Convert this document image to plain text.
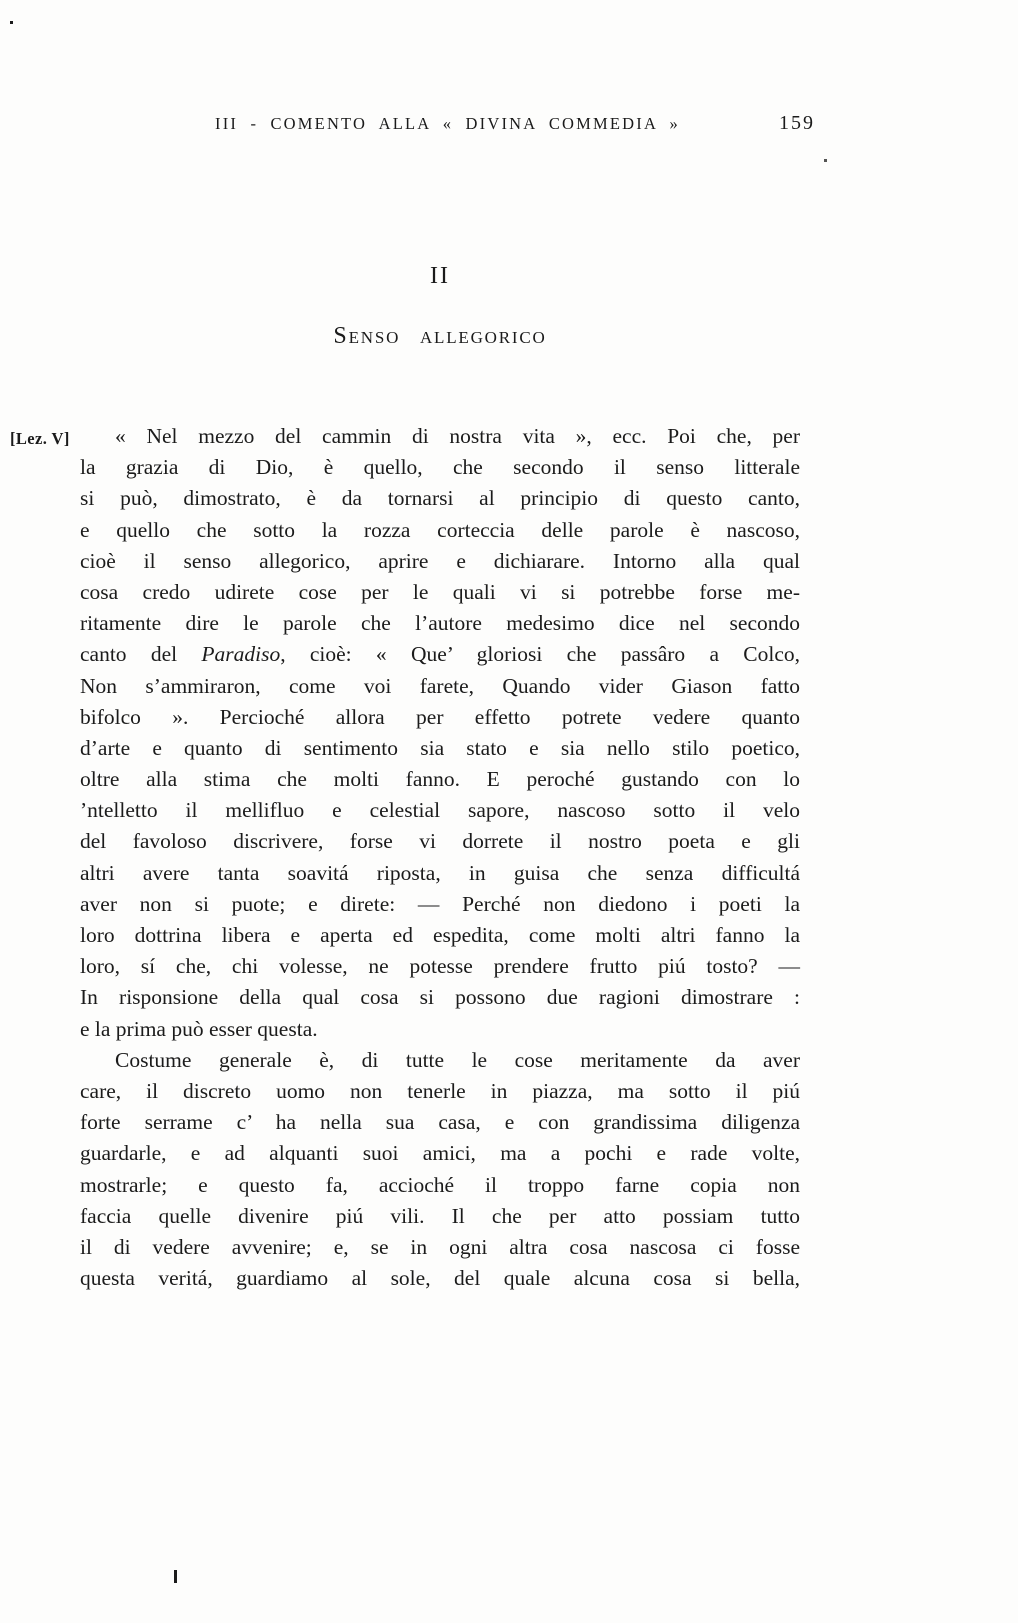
III - COMENTO ALLA « DIVINA COMMEDIA »	159
II
Senso allegorico
[Lez. V]	« Nel mezzo del cammin di nostra vita », ecc. Poi che, per
la grazia di Dio, è quello, che secondo il senso litterale
si può, dimostrato, è da tornarsi al principio di questo canto,
e quello che sotto la rozza corteccia delle parole è nascoso,
cioè il senso allegorico, aprire e dichiarare. Intorno alla qual
cosa credo udirete cose per le quali vi si potrebbe forse me-
ritamente dire le parole che l’autore medesimo dice nel secondo
canto del Paradiso, cioè: « Que’ gloriosi che passâro a Colco,
Non s’ammiraron, come voi farete, Quando vider Giason fatto
bifolco ». Percioché allora per effetto potrete vedere quanto
d’arte e quanto di sentimento sia stato e sia nello stilo poetico,
oltre alla stima che molti fanno. E peroché gustando con lo
’ntelletto il mellifluo e celestial sapore, nascoso sotto il velo
del favoloso discrivere, forse vi dorrete il nostro poeta e gli
altri avere tanta soavitá riposta, in guisa che senza difficultá
aver non si puote; e direte: — Perché non diedono i poeti la
loro dottrina libera e aperta ed espedita, come molti altri fanno la
loro, sí che, chi volesse, ne potesse prendere frutto piú tosto? —
In risponsione della qual cosa si possono due ragioni dimostrare :
e la prima può esser questa.
Costume generale è, di tutte le cose meritamente da aver
care, il discreto uomo non tenerle in piazza, ma sotto il piú
forte serrame c’ ha nella sua casa, e con grandissima diligenza
guardarle, e ad alquanti suoi amici, ma a pochi e rade volte,
mostrarle; e questo fa, accioché il troppo farne copia non
faccia quelle divenire piú vili. Il che per atto possiam tutto
il di vedere avvenire; e, se in ogni altra cosa nascosa ci fosse
questa veritá, guardiamo al sole, del quale alcuna cosa si bella,
